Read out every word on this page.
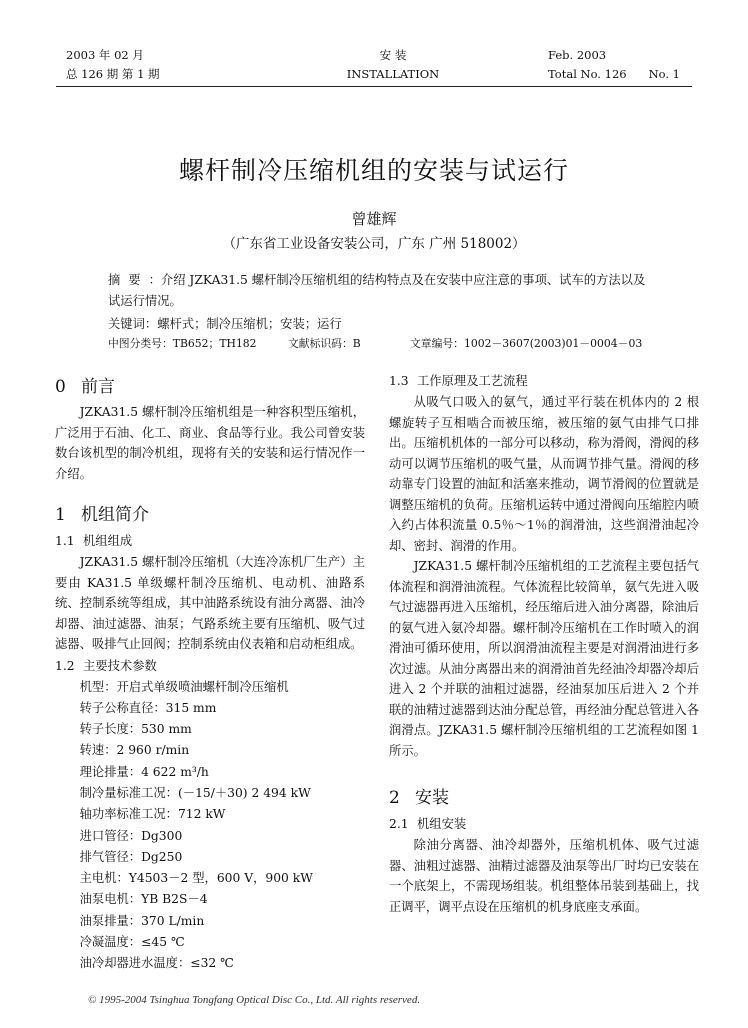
2003 年 02 月
总 126 期 第 1 期
安 装
INSTALLATION
Feb. 2003
Total No. 126 No. 1
螺杆制冷压缩机组的安装与试运行
曾雄辉
（广东省工业设备安装公司，广东 广州 518002）
摘要：介绍 JZKA31.5 螺杆制冷压缩机组的结构特点及在安装中应注意的事项、试车的方法以及试运行情况。
关键词：螺杆式；制冷压缩机；安装；运行
中图分类号：TB652；TH182	文献标识码：B	文章编号：1002－3607(2003)01－0004－03
0 前言

JZKA31.5 螺杆制冷压缩机组是一种容积型压缩机，广泛用于石油、化工、商业、食品等行业。我公司曾安装数台该机型的制冷机组，现将有关的安装和运行情况作一介绍。

1 机组简介
1.1 机组组成

JZKA31.5 螺杆制冷压缩机（大连冷冻机厂生产）主要由 KA31.5 单级螺杆制冷压缩机、电动机、油路系统、控制系统等组成，其中油路系统设有油分离器、油冷却器、油过滤器、油泵；气路系统主要有压缩机、吸气过滤器、吸排气止回阀；控制系统由仪表箱和启动柜组成。

1.2 主要技术参数
机型：开启式单级喷油螺杆制冷压缩机
转子公称直径：315 mm
转子长度：530 mm
转速：2 960 r/min
理论排量：4 622 m³/h
制冷量标准工况：(－15/＋30) 2 494 kW
轴功率标准工况：712 kW
进口管径：Dg300
排气管径：Dg250
主电机：Y4503－2 型，600 V，900 kW
油泵电机：YB B2S－4
油泵排量：370 L/min
冷凝温度：≤45 ℃
油冷却器进水温度：≤32 ℃
1.3 工作原理及工艺流程

从吸气口吸入的氨气，通过平行装在机体内的 2 根螺旋转子互相啮合而被压缩，被压缩的氨气由排气口排出。压缩机机体的一部分可以移动，称为滑阀，滑阀的移动可以调节压缩机的吸气量，从而调节排气量。滑阀的移动靠专门设置的油缸和活塞来推动，调节滑阀的位置就是调整压缩机的负荷。压缩机运转中通过滑阀向压缩腔内喷入约占体积流量 0.5％～1％的润滑油，这些润滑油起冷却、密封、润滑的作用。

JZKA31.5 螺杆制冷压缩机组的工艺流程主要包括气体流程和润滑油流程。气体流程比较简单，氨气先进入吸气过滤器再进入压缩机，经压缩后进入油分离器，除油后的氨气进入氨冷却器。螺杆制冷压缩机在工作时喷入的润滑油可循环使用，所以润滑油流程主要是对润滑油进行多次过滤。从油分离器出来的润滑油首先经油冷却器冷却后进入 2 个并联的油粗过滤器，经油泵加压后进入 2 个并联的油精过滤器到达油分配总管，再经油分配总管进入各润滑点。JZKA31.5 螺杆制冷压缩机组的工艺流程如图 1 所示。

2 安装
2.1 机组安装

除油分离器、油冷却器外，压缩机机体、吸气过滤器、油粗过滤器、油精过滤器及油泵等出厂时均已安装在一个底架上，不需现场组装。机组整体吊装到基础上，找正调平，调平点设在压缩机的机身底座支承面。

© 1995-2004 Tsinghua Tongfang Optical Disc Co., Ltd. All rights reserved.
